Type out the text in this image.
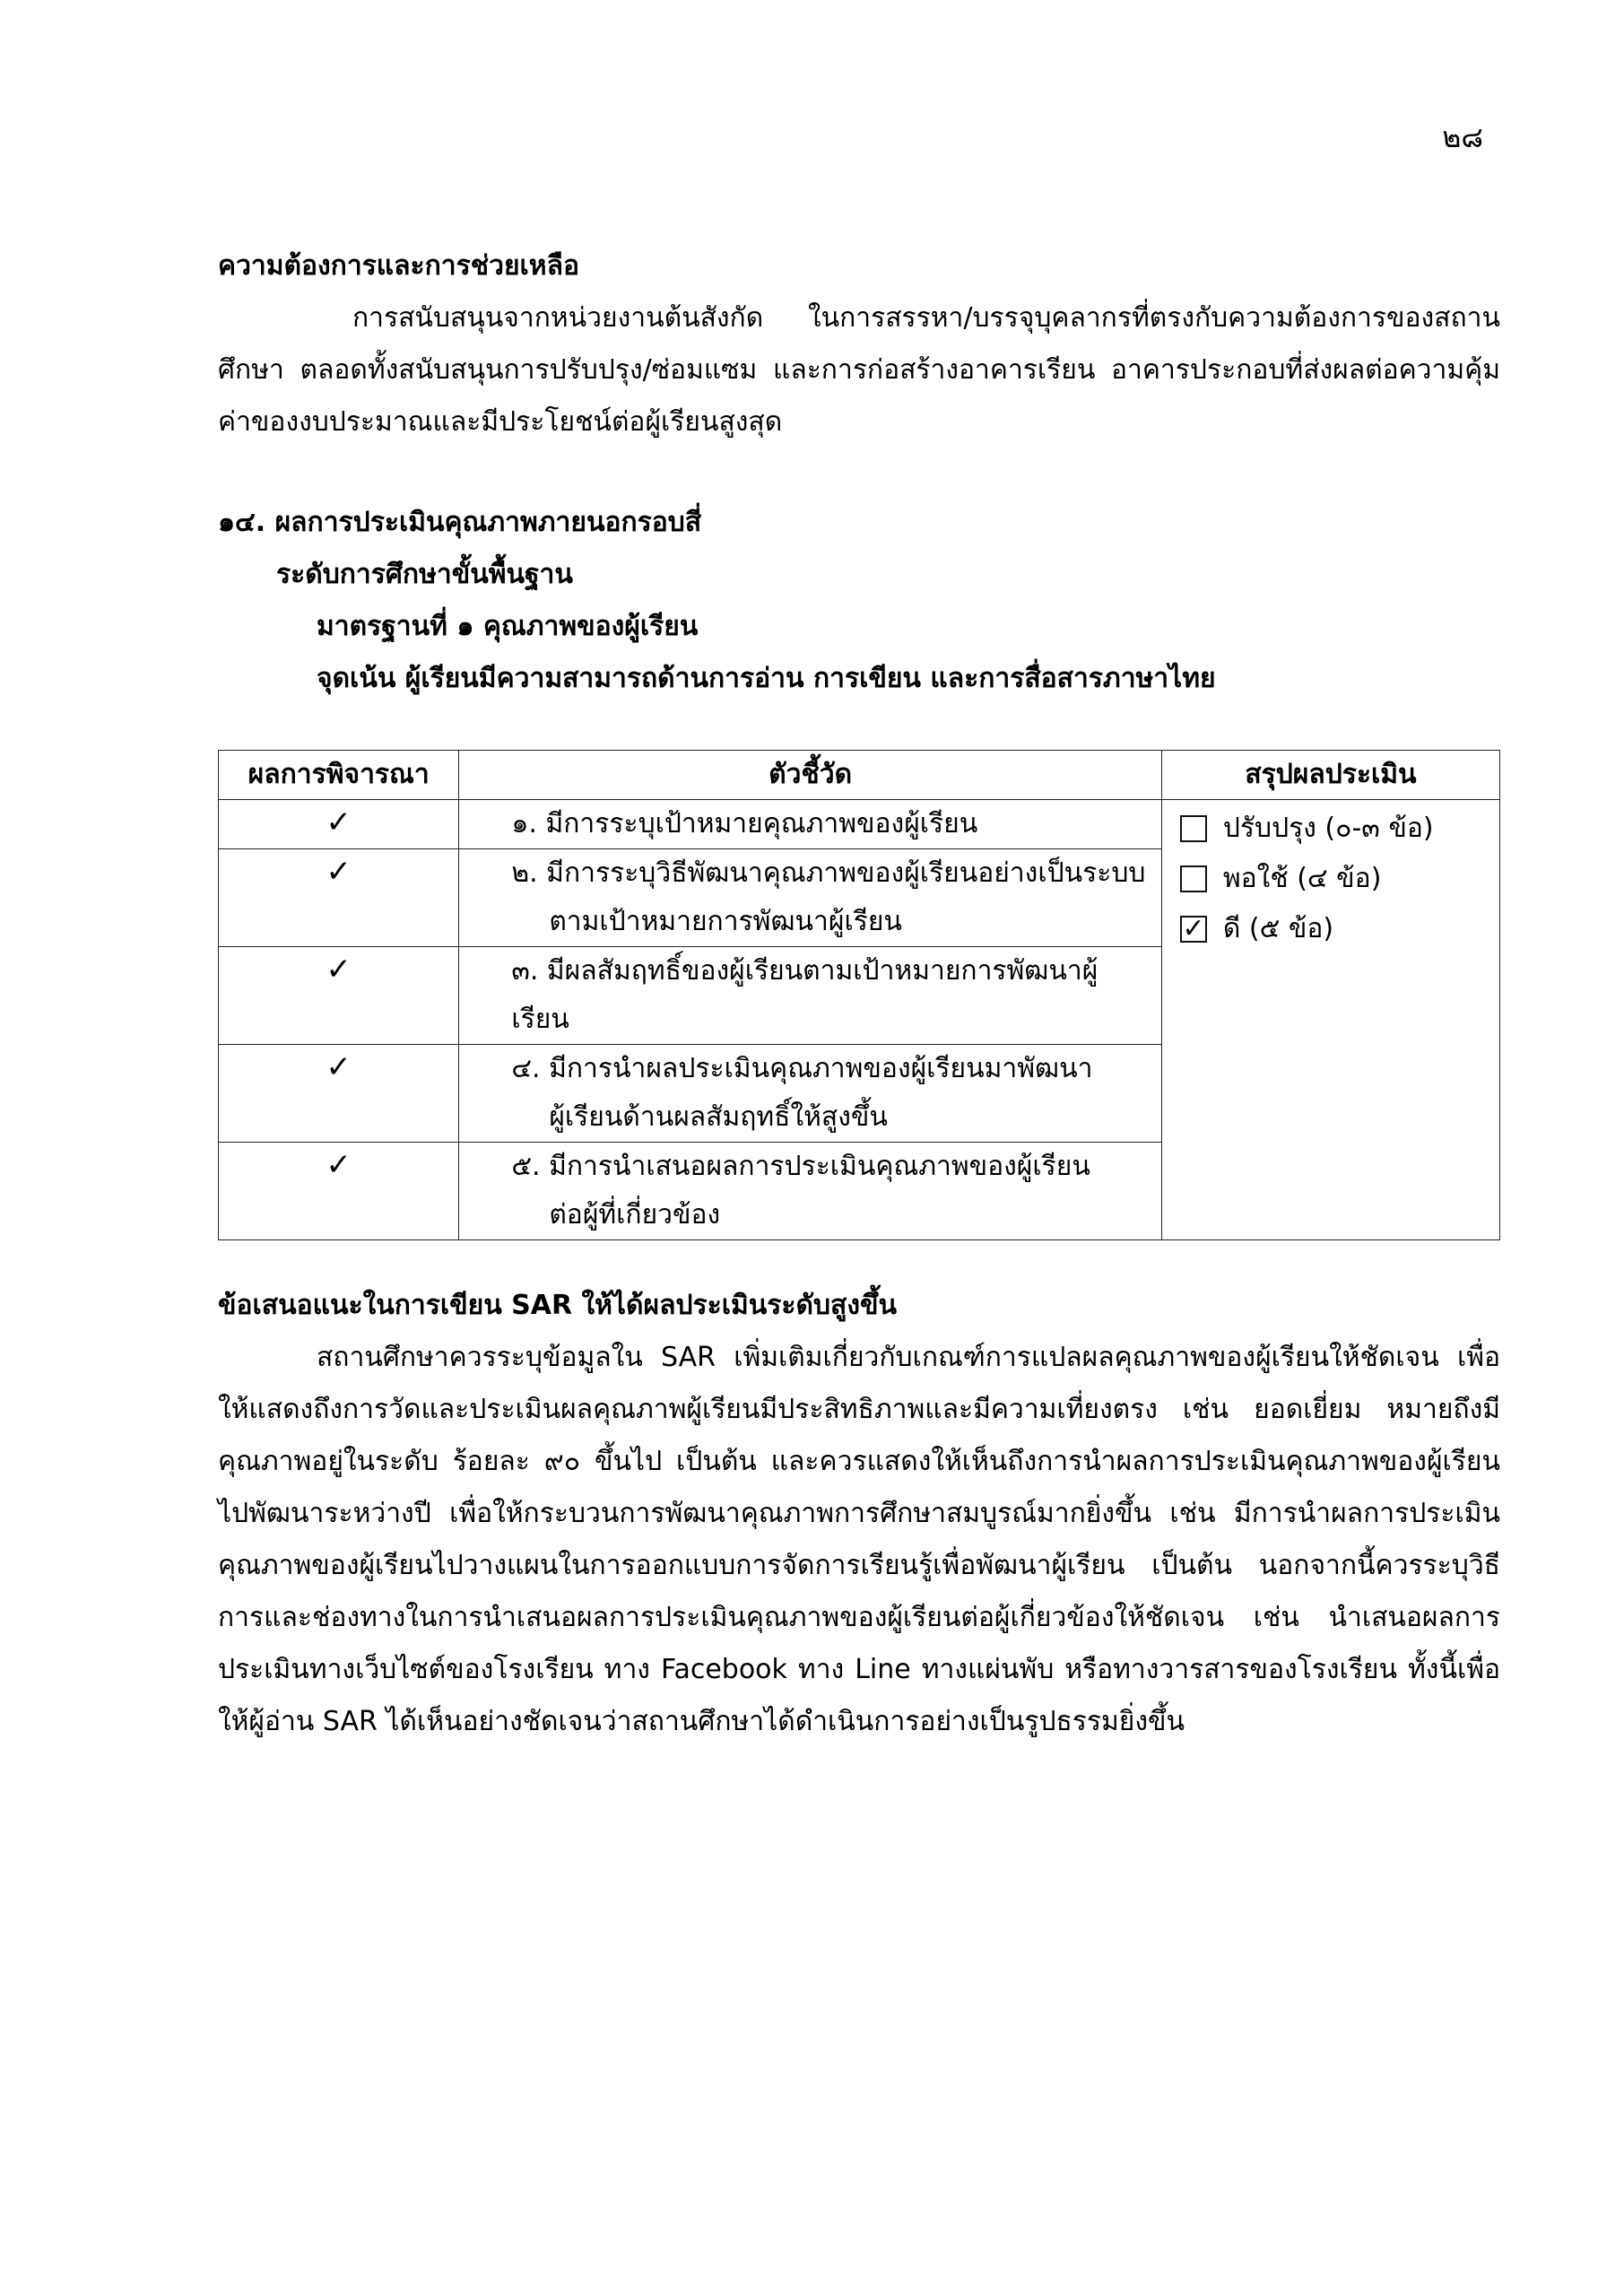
๒๘

ความต้องการและการช่วยเหลือ

การสนับสนุนจากหน่วยงานต้นสังกัด ในการสรรหา/บรรจุบุคลากรที่ตรงกับความต้องการของสถานศึกษา ตลอดทั้งสนับสนุนการปรับปรุง/ซ่อมแซม และการก่อสร้างอาคารเรียน อาคารประกอบที่ส่งผลต่อความคุ้มค่าของงบประมาณและมีประโยชน์ต่อผู้เรียนสูงสุด

๑๔. ผลการประเมินคุณภาพภายนอกรอบสี่

ระดับการศึกษาขั้นพื้นฐาน

มาตรฐานที่ ๑ คุณภาพของผู้เรียน

จุดเน้น ผู้เรียนมีความสามารถด้านการอ่าน การเขียน และการสื่อสารภาษาไทย

ผลการพิจารณา	ตัวชี้วัด	สรุปผลประเมิน
✓	๑. มีการระบุเป้าหมายคุณภาพของผู้เรียน	ปรับปรุง (๐-๓ ข้อ)
พอใช้ (๔ ข้อ)
✓ ดี (๕ ข้อ)

✓	๒. มีการระบุวิธีพัฒนาคุณภาพของผู้เรียนอย่างเป็นระบบ
ตามเป้าหมายการพัฒนาผู้เรียน	

✓	๓. มีผลสัมฤทธิ์ของผู้เรียนตามเป้าหมายการพัฒนาผู้เรียน	

✓	๔. มีการนำผลประเมินคุณภาพของผู้เรียนมาพัฒนา
ผู้เรียนด้านผลสัมฤทธิ์ให้สูงขึ้น	

✓	๕. มีการนำเสนอผลการประเมินคุณภาพของผู้เรียน
ต่อผู้ที่เกี่ยวข้อง	

ข้อเสนอแนะในการเขียน SAR ให้ได้ผลประเมินระดับสูงขึ้น

สถานศึกษาควรระบุข้อมูลใน SAR เพิ่มเติมเกี่ยวกับเกณฑ์การแปลผลคุณภาพของผู้เรียนให้ชัดเจน เพื่อให้แสดงถึงการวัดและประเมินผลคุณภาพผู้เรียนมีประสิทธิภาพและมีความเที่ยงตรง เช่น ยอดเยี่ยม หมายถึงมีคุณภาพอยู่ในระดับ ร้อยละ ๙๐ ขึ้นไป เป็นต้น และควรแสดงให้เห็นถึงการนำผลการประเมินคุณภาพของผู้เรียนไปพัฒนาระหว่างปี เพื่อให้กระบวนการพัฒนาคุณภาพการศึกษาสมบูรณ์มากยิ่งขึ้น เช่น มีการนำผลการประเมินคุณภาพของผู้เรียนไปวางแผนในการออกแบบการจัดการเรียนรู้เพื่อพัฒนาผู้เรียน เป็นต้น นอกจากนี้ควรระบุวิธีการและช่องทางในการนำเสนอผลการประเมินคุณภาพของผู้เรียนต่อผู้เกี่ยวข้องให้ชัดเจน เช่น นำเสนอผลการประเมินทางเว็บไซต์ของโรงเรียน ทาง Facebook ทาง Line ทางแผ่นพับ หรือทางวารสารของโรงเรียน ทั้งนี้เพื่อให้ผู้อ่าน SAR ได้เห็นอย่างชัดเจนว่าสถานศึกษาได้ดำเนินการอย่างเป็นรูปธรรมยิ่งขึ้น
